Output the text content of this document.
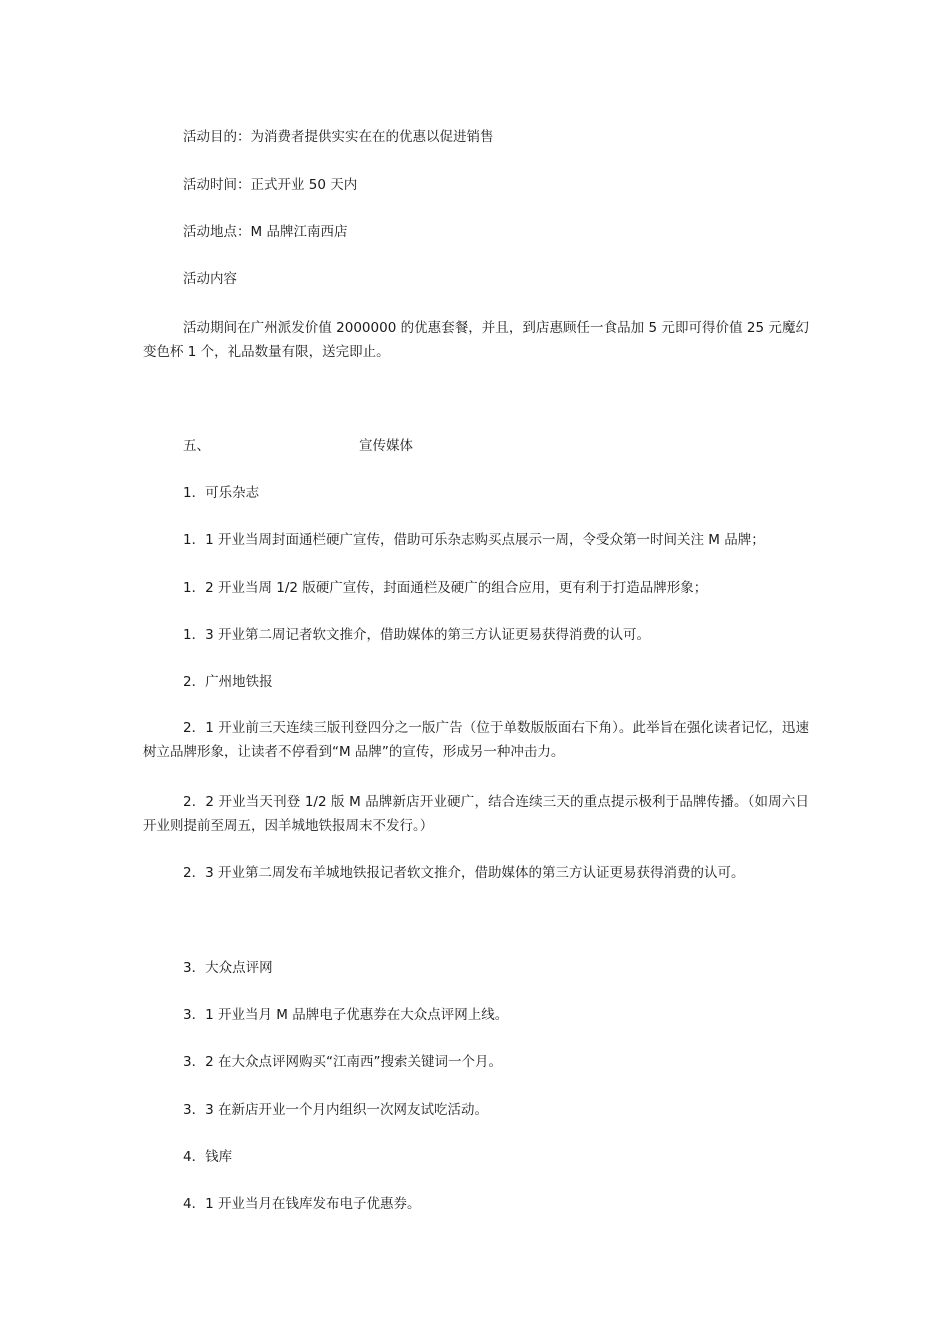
活动目的：为消费者提供实实在在的优惠以促进销售

活动时间：正式开业 50 天内

活动地点：M 品牌江南西店

活动内容

活动期间在广州派发价值 2000000 的优惠套餐，并且，到店惠顾任一食品加 5 元即可得价值 25 元魔幻变色杯 1 个，礼品数量有限，送完即止。

五、	宣传媒体

1．可乐杂志

1．1 开业当周封面通栏硬广宣传，借助可乐杂志购买点展示一周，令受众第一时间关注 M 品牌；

1．2 开业当周 1/2 版硬广宣传，封面通栏及硬广的组合应用，更有利于打造品牌形象；

1．3 开业第二周记者软文推介，借助媒体的第三方认证更易获得消费的认可。

2．广州地铁报

2．1 开业前三天连续三版刊登四分之一版广告（位于单数版版面右下角）。此举旨在强化读者记忆，迅速树立品牌形象，让读者不停看到“M 品牌”的宣传，形成另一种冲击力。

2．2 开业当天刊登 1/2 版 M 品牌新店开业硬广，结合连续三天的重点提示极利于品牌传播。（如周六日开业则提前至周五，因羊城地铁报周末不发行。）

2．3 开业第二周发布羊城地铁报记者软文推介，借助媒体的第三方认证更易获得消费的认可。

3．大众点评网

3．1 开业当月 M 品牌电子优惠券在大众点评网上线。

3．2 在大众点评网购买“江南西”搜索关键词一个月。

3．3 在新店开业一个月内组织一次网友试吃活动。

4．钱库

4．1 开业当月在钱库发布电子优惠券。
